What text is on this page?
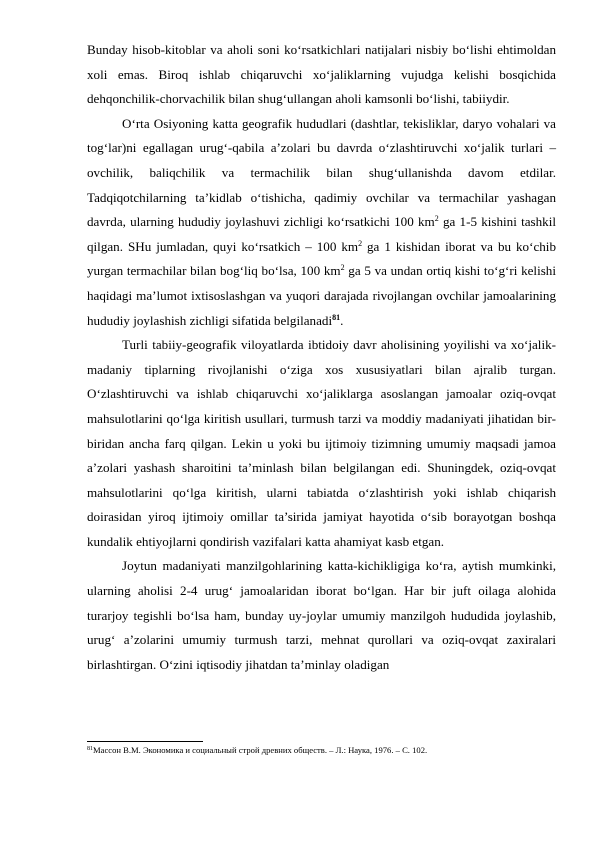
Bunday hisob-kitoblar va aholi soni ko‘rsatkichlari natijalari nisbiy bo‘lishi ehtimoldan xoli emas. Biroq ishlab chiqaruvchi xo‘jaliklarning vujudga kelishi bosqichida dehqonchilik-chorvachilik bilan shug‘ullangan aholi kamsonli bo‘lishi, tabiiydir.

O‘rta Osiyoning katta geografik hududlari (dashtlar, tekisliklar, daryo vohalari va tog‘lar)ni egallagan urug‘-qabila a’zolari bu davrda o‘zlashtiruvchi xo‘jalik turlari – ovchilik, baliqchilik va termachilik bilan shug‘ullanishda davom etdilar. Tadqiqotchilarning ta’kidlab o‘tishicha, qadimiy ovchilar va termachilar yashagan davrda, ularning hududiy joylashuvi zichligi ko‘rsatkichi 100 $km^2$ ga 1-5 kishini tashkil qilgan. SHu jumladan, quyi ko‘rsatkich – 100 $km^2$ ga 1 kishidan iborat va bu ko‘chib yurgan termachilar bilan bog‘liq bo‘lsa, 100 $km^2$ ga 5 va undan ortiq kishi to‘g‘ri kelishi haqidagi ma’lumot ixtisoslashgan va yuqori darajada rivojlangan ovchilar jamoalarining hududiy joylashish zichligi sifatida belgilanadi$^{81}$.

Turli tabiiy-geografik viloyatlarda ibtidoiy davr aholisining yoyilishi va xo‘jalik-madaniy tiplarning rivojlanishi o‘ziga xos xususiyatlari bilan ajralib turgan. O‘zlashtiruvchi va ishlab chiqaruvchi xo‘jaliklarga asoslangan jamoalar oziq-ovqat mahsulotlarini qo‘lga kiritish usullari, turmush tarzi va moddiy madaniyati jihatidan bir-biridan ancha farq qilgan. Lekin u yoki bu ijtimoiy tizimning umumiy maqsadi jamoa a’zolari yashash sharoitini ta’minlash bilan belgilangan edi. Shuningdek, oziq-ovqat mahsulotlarini qo‘lga kiritish, ularni tabiatda o‘zlashtirish yoki ishlab chiqarish doirasidan yiroq ijtimoiy omillar ta’sirida jamiyat hayotida o‘sib borayotgan boshqa kundalik ehtiyojlarni qondirish vazifalari katta ahamiyat kasb etgan.

Joytun madaniyati manzilgohlarining katta-kichikligiga ko‘ra, aytish mumkinki, ularning aholisi 2-4 urug‘ jamoalaridan iborat bo‘lgan. Har bir juft oilaga alohida turarjoy tegishli bo‘lsa ham, bunday uy-joylar umumiy manzilgoh hududida joylashib, urug‘ a’zolarini umumiy turmush tarzi, mehnat qurollari va oziq-ovqat zaxiralari birlashtirgan. O‘zini iqtisodiy jihatdan ta’minlay oladigan

$^{81}$Массон В.М. Экономика и социальный строй древних обществ. – Л.: Наука, 1976. – С. 102.
